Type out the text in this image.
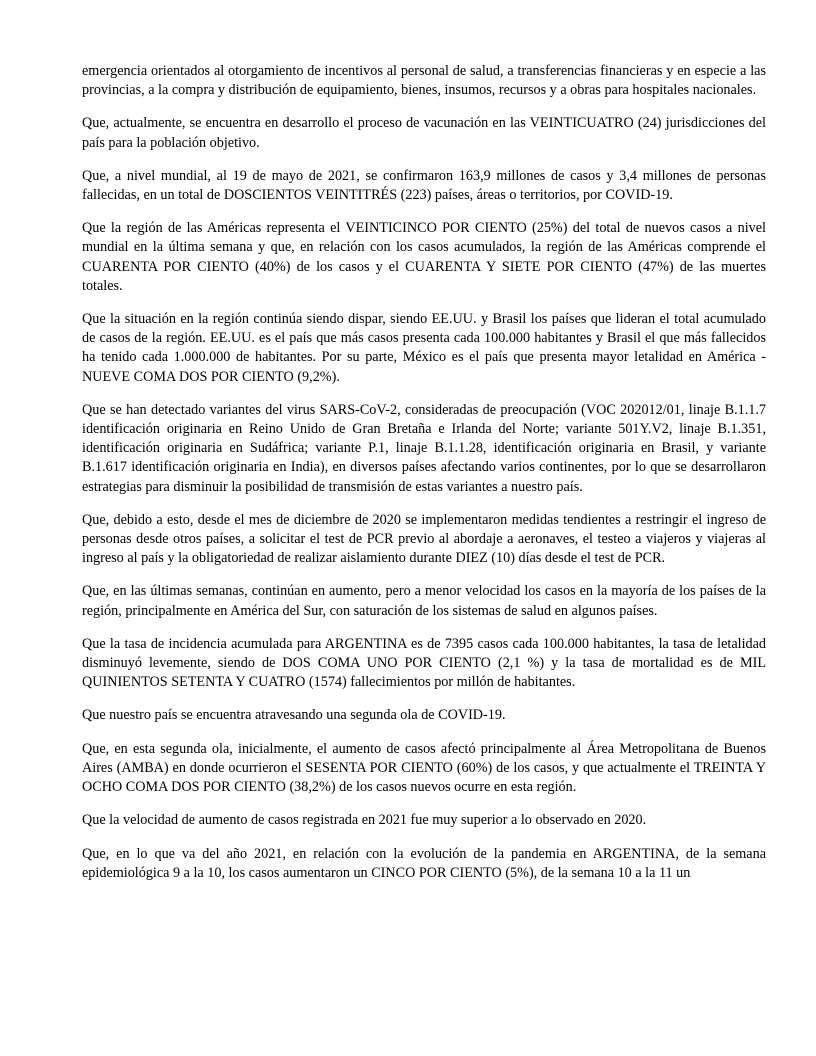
emergencia orientados al otorgamiento de incentivos al personal de salud, a transferencias financieras y en especie a las provincias, a la compra y distribución de equipamiento, bienes, insumos, recursos y a obras para hospitales nacionales.

Que, actualmente, se encuentra en desarrollo el proceso de vacunación en las VEINTICUATRO (24) jurisdicciones del país para la población objetivo.

Que, a nivel mundial, al 19 de mayo de 2021, se confirmaron 163,9 millones de casos y 3,4 millones de personas fallecidas, en un total de DOSCIENTOS VEINTITRÉS (223) países, áreas o territorios, por COVID-19.

Que la región de las Américas representa el VEINTICINCO POR CIENTO (25%) del total de nuevos casos a nivel mundial en la última semana y que, en relación con los casos acumulados, la región de las Américas comprende el CUARENTA POR CIENTO (40%) de los casos y el CUARENTA Y SIETE POR CIENTO (47%) de las muertes totales.

Que la situación en la región continúa siendo dispar, siendo EE.UU. y Brasil los países que lideran el total acumulado de casos de la región. EE.UU. es el país que más casos presenta cada 100.000 habitantes y Brasil el que más fallecidos ha tenido cada 1.000.000 de habitantes. Por su parte, México es el país que presenta mayor letalidad en América -NUEVE COMA DOS POR CIENTO (9,2%).

Que se han detectado variantes del virus SARS-CoV-2, consideradas de preocupación (VOC 202012/01, linaje B.1.1.7 identificación originaria en Reino Unido de Gran Bretaña e Irlanda del Norte; variante 501Y.V2, linaje B.1.351, identificación originaria en Sudáfrica; variante P.1, linaje B.1.1.28, identificación originaria en Brasil, y variante B.1.617 identificación originaria en India), en diversos países afectando varios continentes, por lo que se desarrollaron estrategias para disminuir la posibilidad de transmisión de estas variantes a nuestro país.

Que, debido a esto, desde el mes de diciembre de 2020 se implementaron medidas tendientes a restringir el ingreso de personas desde otros países, a solicitar el test de PCR previo al abordaje a aeronaves, el testeo a viajeros y viajeras al ingreso al país y la obligatoriedad de realizar aislamiento durante DIEZ (10) días desde el test de PCR.

Que, en las últimas semanas, continúan en aumento, pero a menor velocidad los casos en la mayoría de los países de la región, principalmente en América del Sur, con saturación de los sistemas de salud en algunos países.

Que la tasa de incidencia acumulada para ARGENTINA es de 7395 casos cada 100.000 habitantes, la tasa de letalidad disminuyó levemente, siendo de DOS COMA UNO POR CIENTO (2,1 %) y la tasa de mortalidad es de MIL QUINIENTOS SETENTA Y CUATRO (1574) fallecimientos por millón de habitantes.

Que nuestro país se encuentra atravesando una segunda ola de COVID-19.

Que, en esta segunda ola, inicialmente, el aumento de casos afectó principalmente al Área Metropolitana de Buenos Aires (AMBA) en donde ocurrieron el SESENTA POR CIENTO (60%) de los casos, y que actualmente el TREINTA Y OCHO COMA DOS POR CIENTO (38,2%) de los casos nuevos ocurre en esta región.

Que la velocidad de aumento de casos registrada en 2021 fue muy superior a lo observado en 2020.

Que, en lo que va del año 2021, en relación con la evolución de la pandemia en ARGENTINA, de la semana epidemiológica 9 a la 10, los casos aumentaron un CINCO POR CIENTO (5%), de la semana 10 a la 11 un
